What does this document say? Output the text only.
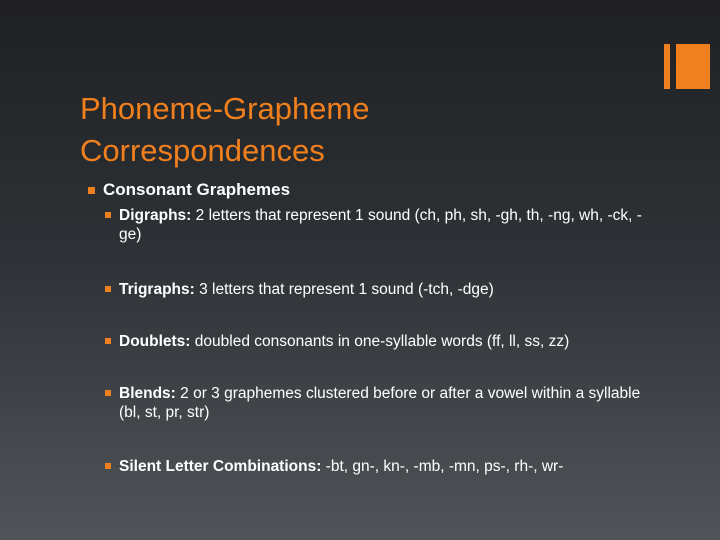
Phoneme-Grapheme
Correspondences
Consonant Graphemes
Digraphs: 2 letters that represent 1 sound (ch, ph, sh, -gh, th, -ng, wh, -ck, -ge)
Trigraphs: 3 letters that represent 1 sound (-tch, -dge)
Doublets: doubled consonants in one-syllable words (ff, ll, ss, zz)
Blends: 2 or 3 graphemes clustered before or after a vowel within a syllable (bl, st, pr, str)
Silent Letter Combinations: -bt, gn-, kn-, -mb, -mn, ps-, rh-, wr-
